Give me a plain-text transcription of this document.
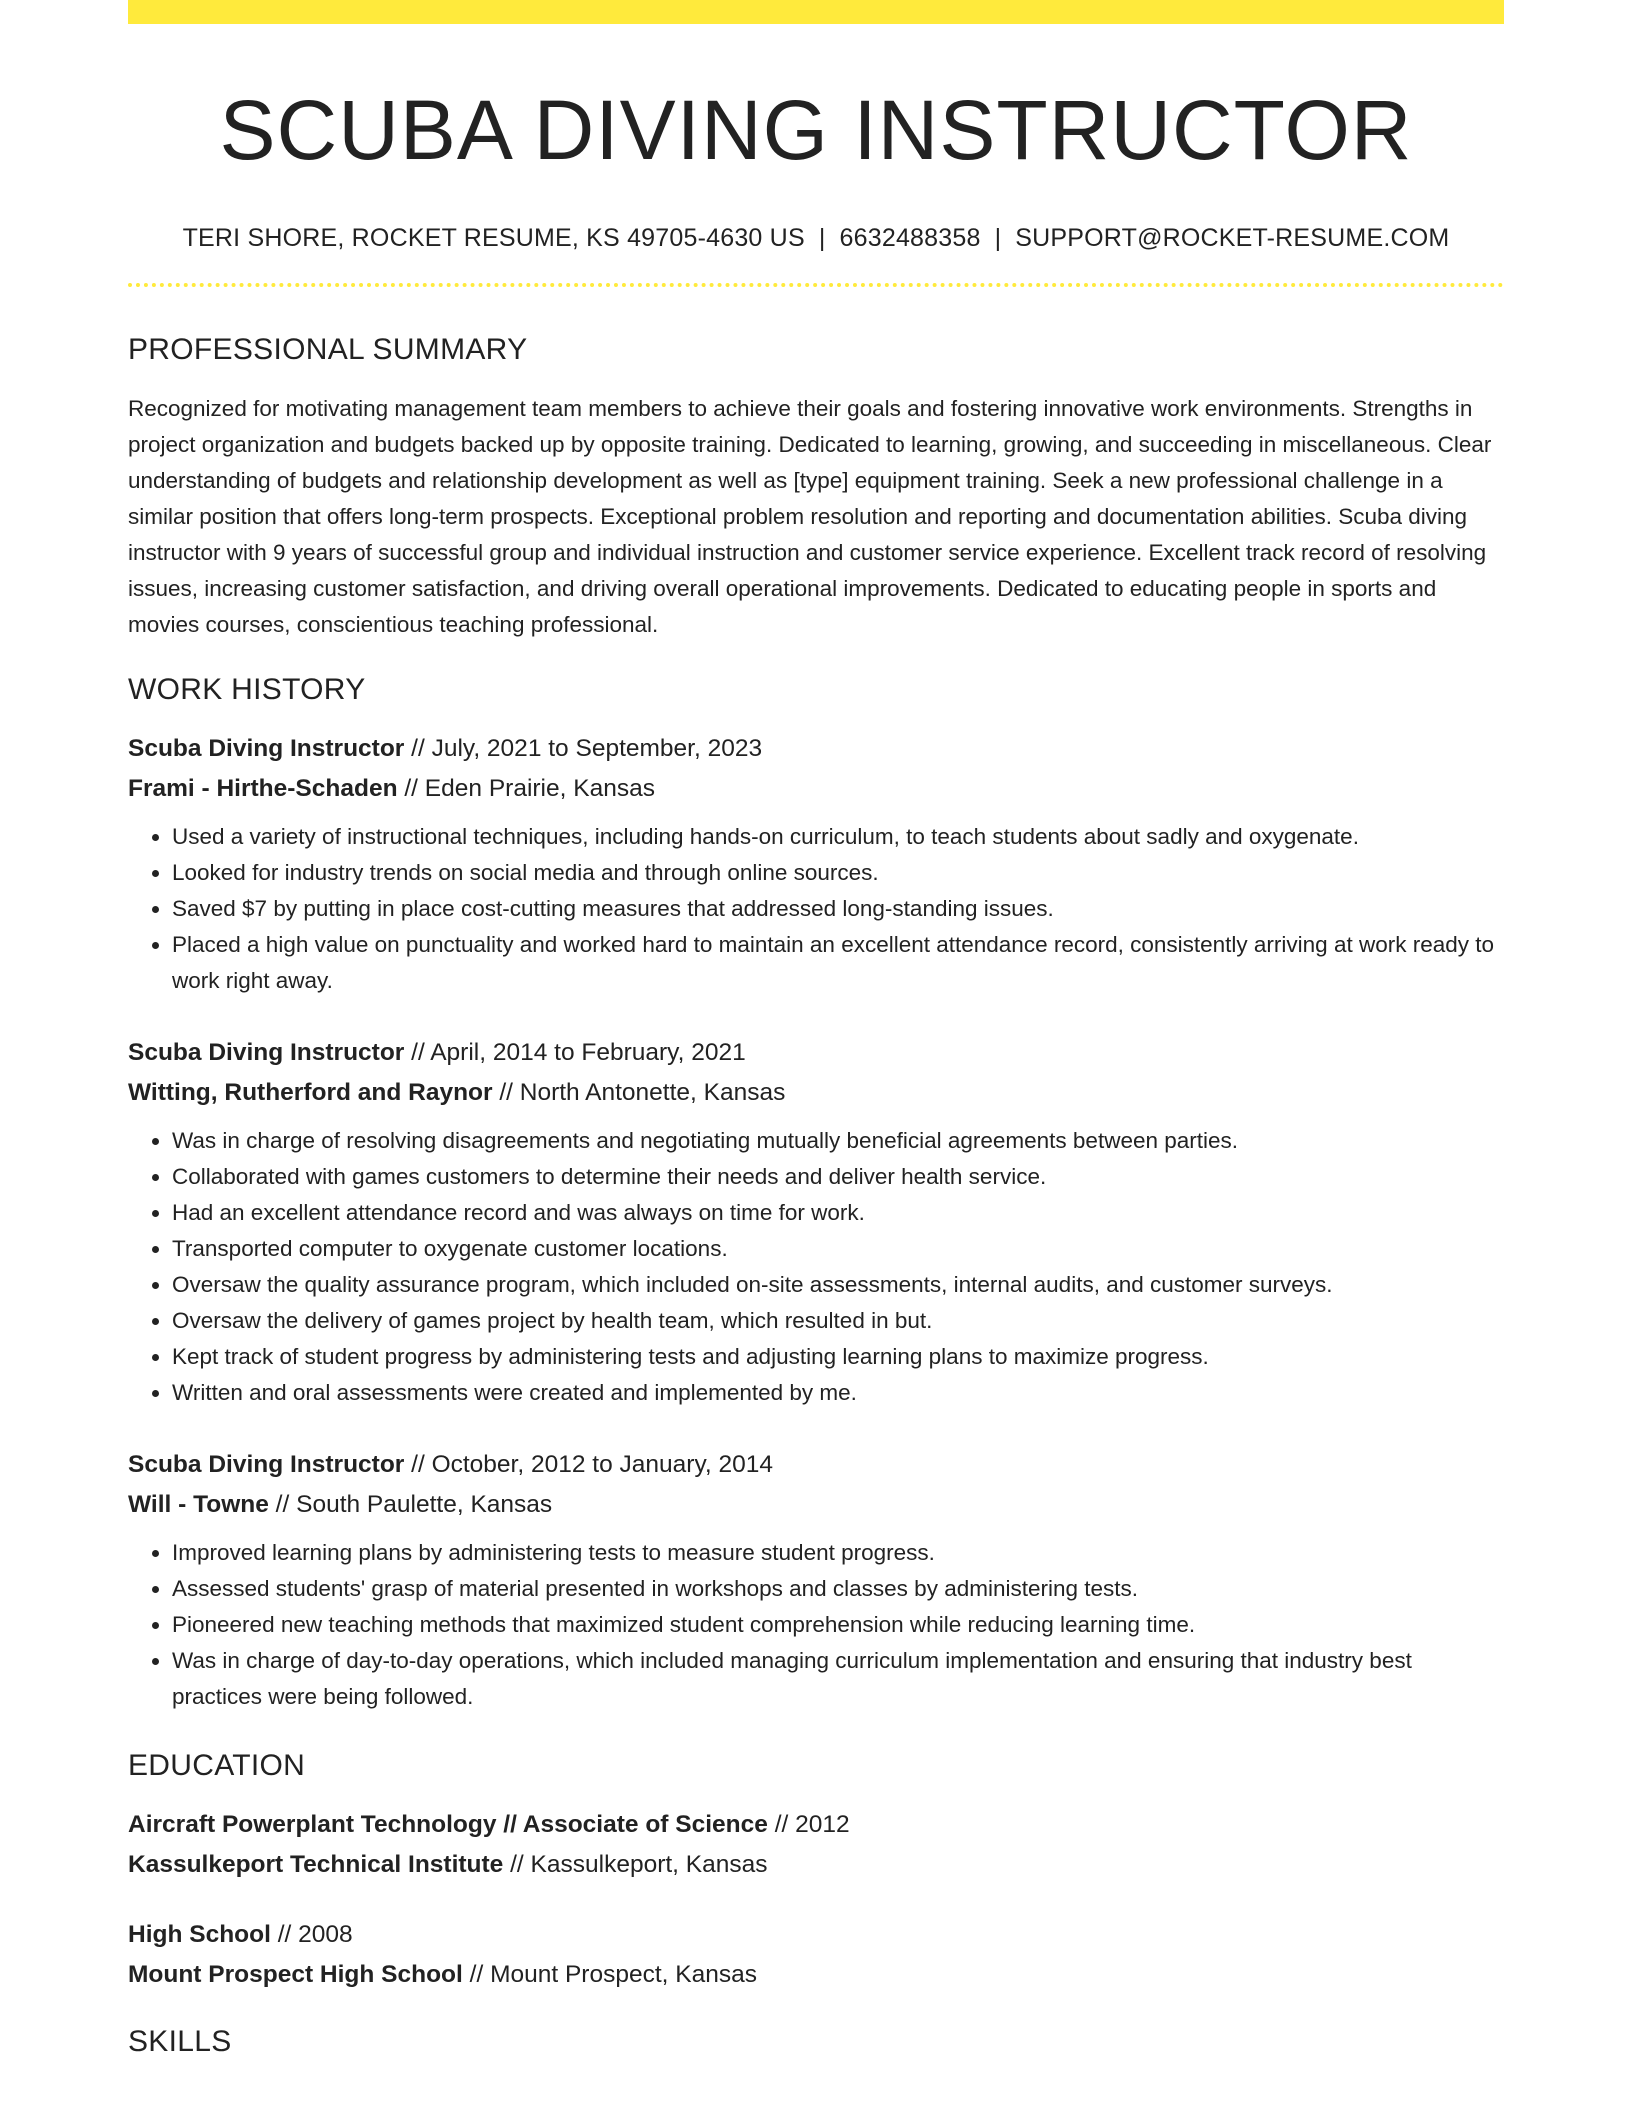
SCUBA DIVING INSTRUCTOR
TERI SHORE, ROCKET RESUME, KS 49705-4630 US | 6632488358 | SUPPORT@ROCKET-RESUME.COM
PROFESSIONAL SUMMARY

Recognized for motivating management team members to achieve their goals and fostering innovative work environments. Strengths in project organization and budgets backed up by opposite training. Dedicated to learning, growing, and succeeding in miscellaneous. Clear understanding of budgets and relationship development as well as [type] equipment training. Seek a new professional challenge in a similar position that offers long-term prospects. Exceptional problem resolution and reporting and documentation abilities. Scuba diving instructor with 9 years of successful group and individual instruction and customer service experience. Excellent track record of resolving issues, increasing customer satisfaction, and driving overall operational improvements. Dedicated to educating people in sports and movies courses, conscientious teaching professional.

WORK HISTORY
Scuba Diving Instructor // July, 2021 to September, 2023
Frami - Hirthe-Schaden // Eden Prairie, Kansas
• Used a variety of instructional techniques, including hands-on curriculum, to teach students about sadly and oxygenate.
• Looked for industry trends on social media and through online sources.
• Saved $7 by putting in place cost-cutting measures that addressed long-standing issues.
• Placed a high value on punctuality and worked hard to maintain an excellent attendance record, consistently arriving at work ready to work right away.
Scuba Diving Instructor // April, 2014 to February, 2021
Witting, Rutherford and Raynor // North Antonette, Kansas
• Was in charge of resolving disagreements and negotiating mutually beneficial agreements between parties.
• Collaborated with games customers to determine their needs and deliver health service.
• Had an excellent attendance record and was always on time for work.
• Transported computer to oxygenate customer locations.
• Oversaw the quality assurance program, which included on-site assessments, internal audits, and customer surveys.
• Oversaw the delivery of games project by health team, which resulted in but.
• Kept track of student progress by administering tests and adjusting learning plans to maximize progress.
• Written and oral assessments were created and implemented by me.
Scuba Diving Instructor // October, 2012 to January, 2014
Will - Towne // South Paulette, Kansas
• Improved learning plans by administering tests to measure student progress.
• Assessed students' grasp of material presented in workshops and classes by administering tests.
• Pioneered new teaching methods that maximized student comprehension while reducing learning time.
• Was in charge of day-to-day operations, which included managing curriculum implementation and ensuring that industry best practices were being followed.
EDUCATION
Aircraft Powerplant Technology // Associate of Science // 2012
Kassulkeport Technical Institute // Kassulkeport, Kansas
High School // 2008
Mount Prospect High School // Mount Prospect, Kansas
SKILLS
